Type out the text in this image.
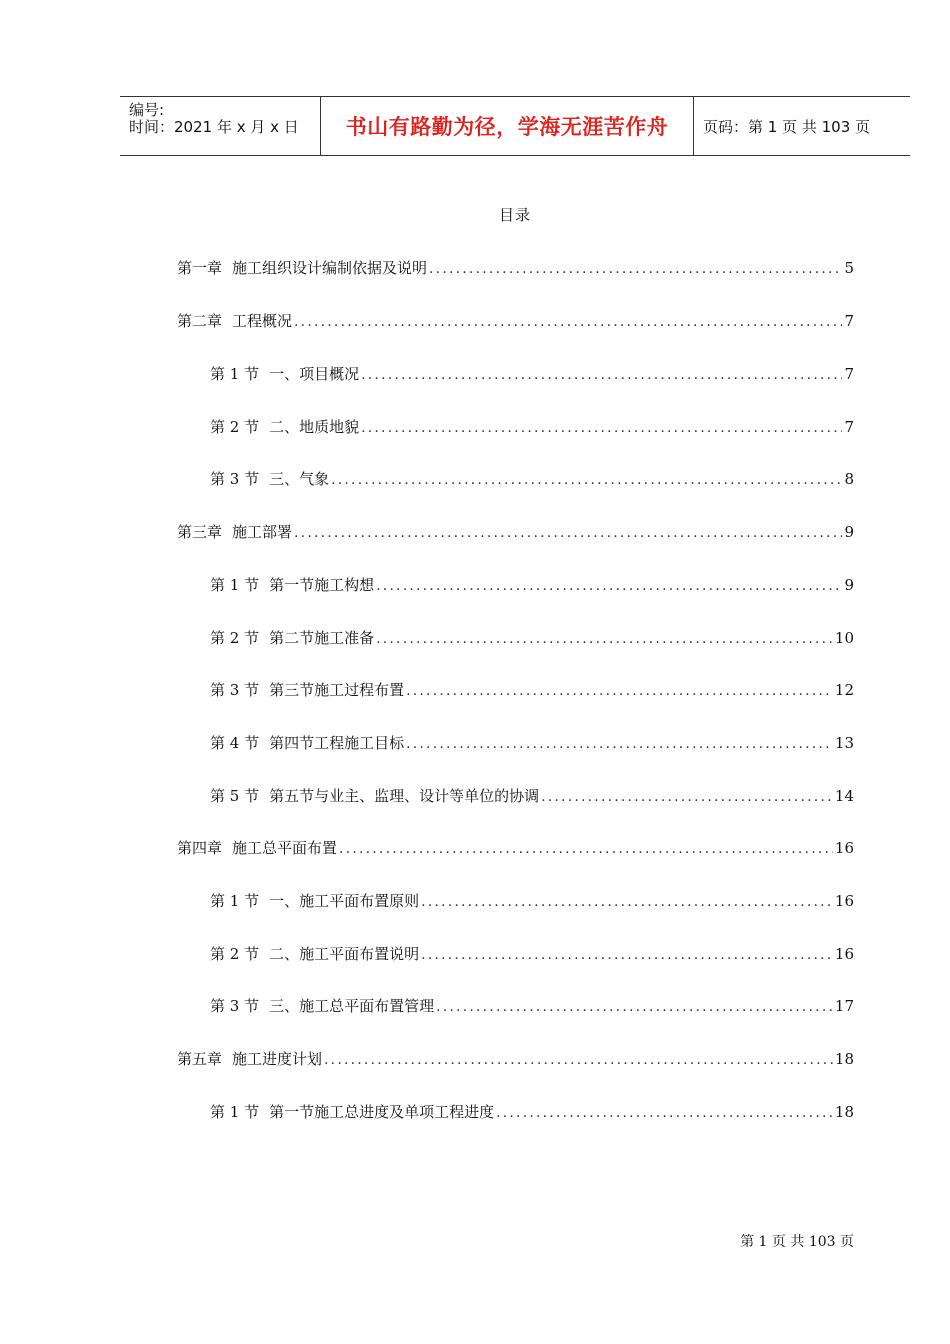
编号:
时间：2021 年 x 月 x 日 书山有路勤为径，学海无涯苦作舟 页码：第 1 页 共 103 页
目录
第一章 施工组织设计编制依据及说明 .....	5
第二章 工程概况 .....	7
第 1 节 一、项目概况 .....	7
第 2 节 二、地质地貌 .....	7
第 3 节 三、气象 .....	8
第三章 施工部署 .....	9
第 1 节 第一节施工构想 .....	9
第 2 节 第二节施工准备 .....	10
第 3 节 第三节施工过程布置 .....	12
第 4 节 第四节工程施工目标 .....	13
第 5 节 第五节与业主、监理、设计等单位的协调 .....	14
第四章 施工总平面布置 .....	16
第 1 节 一、施工平面布置原则 .....	16
第 2 节 二、施工平面布置说明 .....	16
第 3 节 三、施工总平面布置管理 .....	17
第五章 施工进度计划 .....	18
第 1 节 第一节施工总进度及单项工程进度 .....	18
第 1 页 共 103 页
